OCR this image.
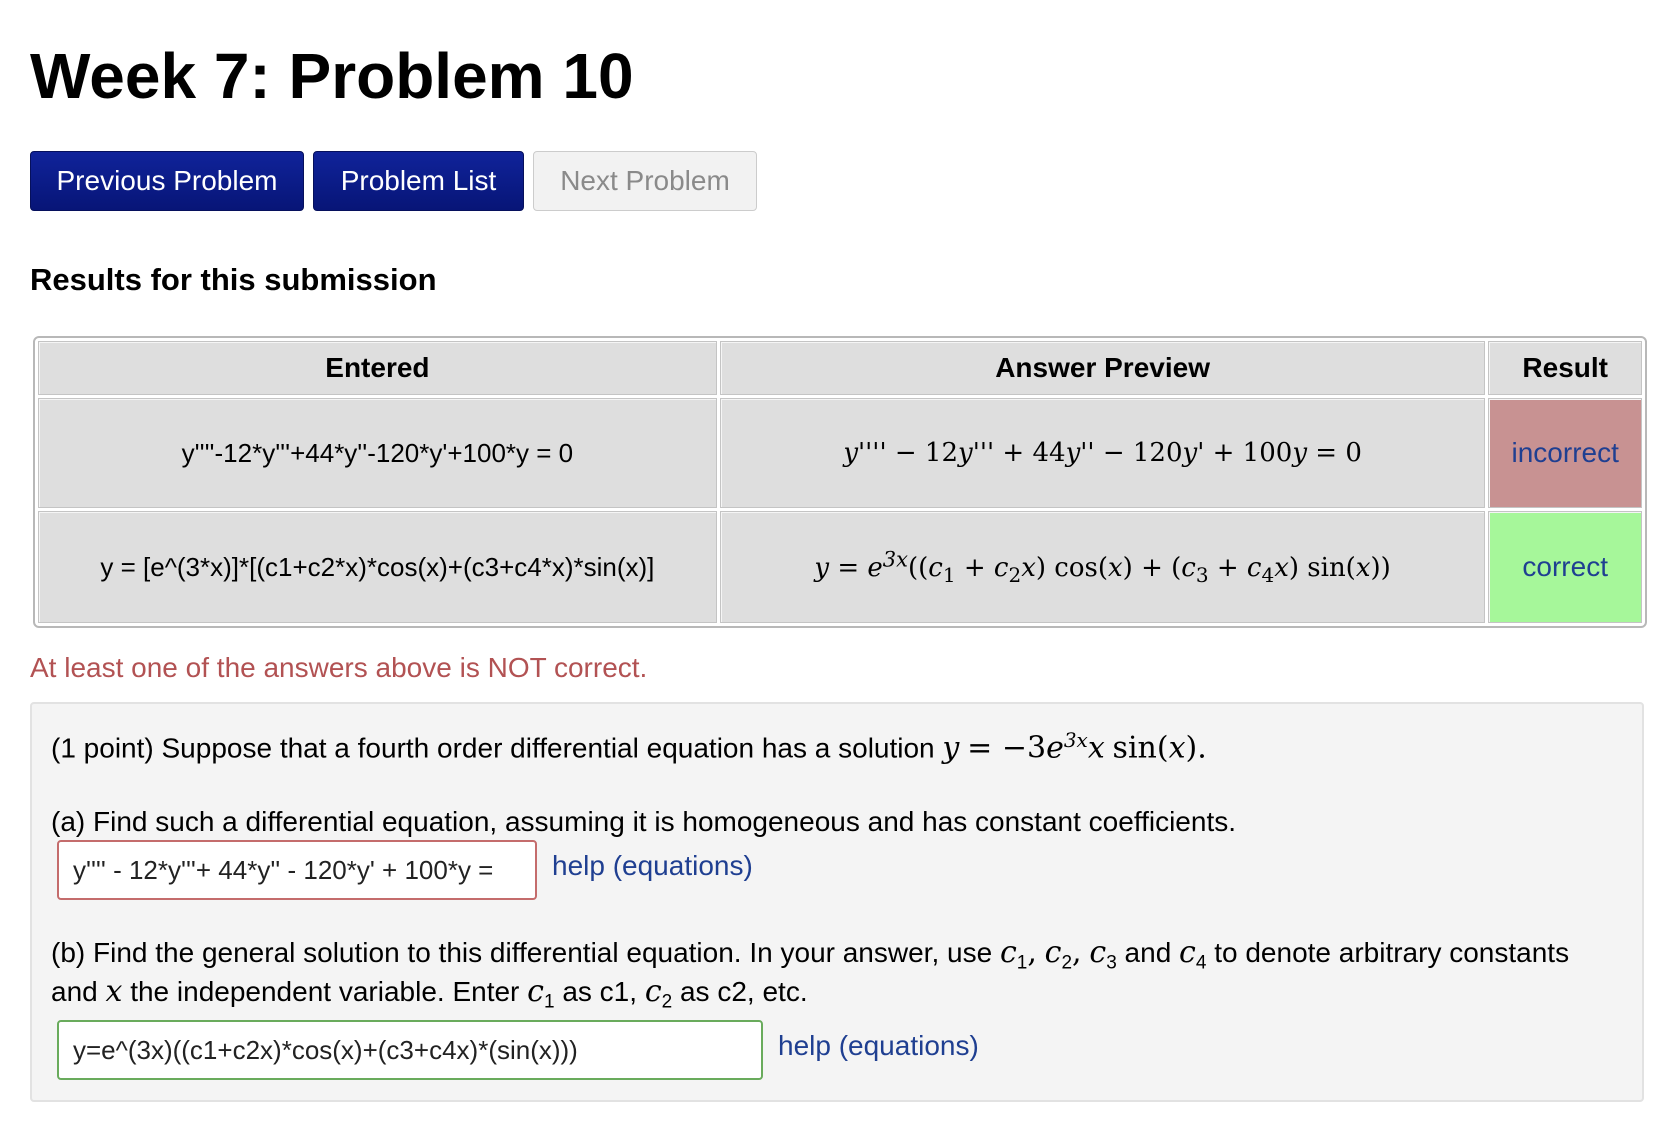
Week 7: Problem 10
Previous Problem	Problem List	Next Problem
Results for this submission
Entered	Answer Preview	Result
y''''-12*y'''+44*y''-120*y'+100*y = 0	y'''' − 12y''' + 44y'' − 120y' + 100y = 0	incorrect
y = [e^(3*x)]*[(c1+c2*x)*cos(x)+(c3+c4*x)*sin(x)]	$y = e^{3x}((c_1 + c_2x) \cos(x) + (c_3 + c_4x)$ sin(x))	correct
At least one of the answers above is NOT correct.
(1 point) Suppose that a fourth order differential equation has a solution $y = -3e^{3x}x$ sin(x).
(a) Find such a differential equation, assuming it is homogeneous and has constant coefficients.
y'''' - 12*y'''+ 44*y'' - 120*y' + 100*y =	help (equations)
(b) Find the general solution to this differential equation. In your answer, use $c_1$, $c_2$, $c_3$ and $c_4$ to denote arbitrary constants
and x the independent variable. Enter $c_1$ as c1, $c_2$ as c2, etc.
y=e^(3x)((c1+c2x)*cos(x)+(c3+c4x)*(sin(x)))	help (equations)
